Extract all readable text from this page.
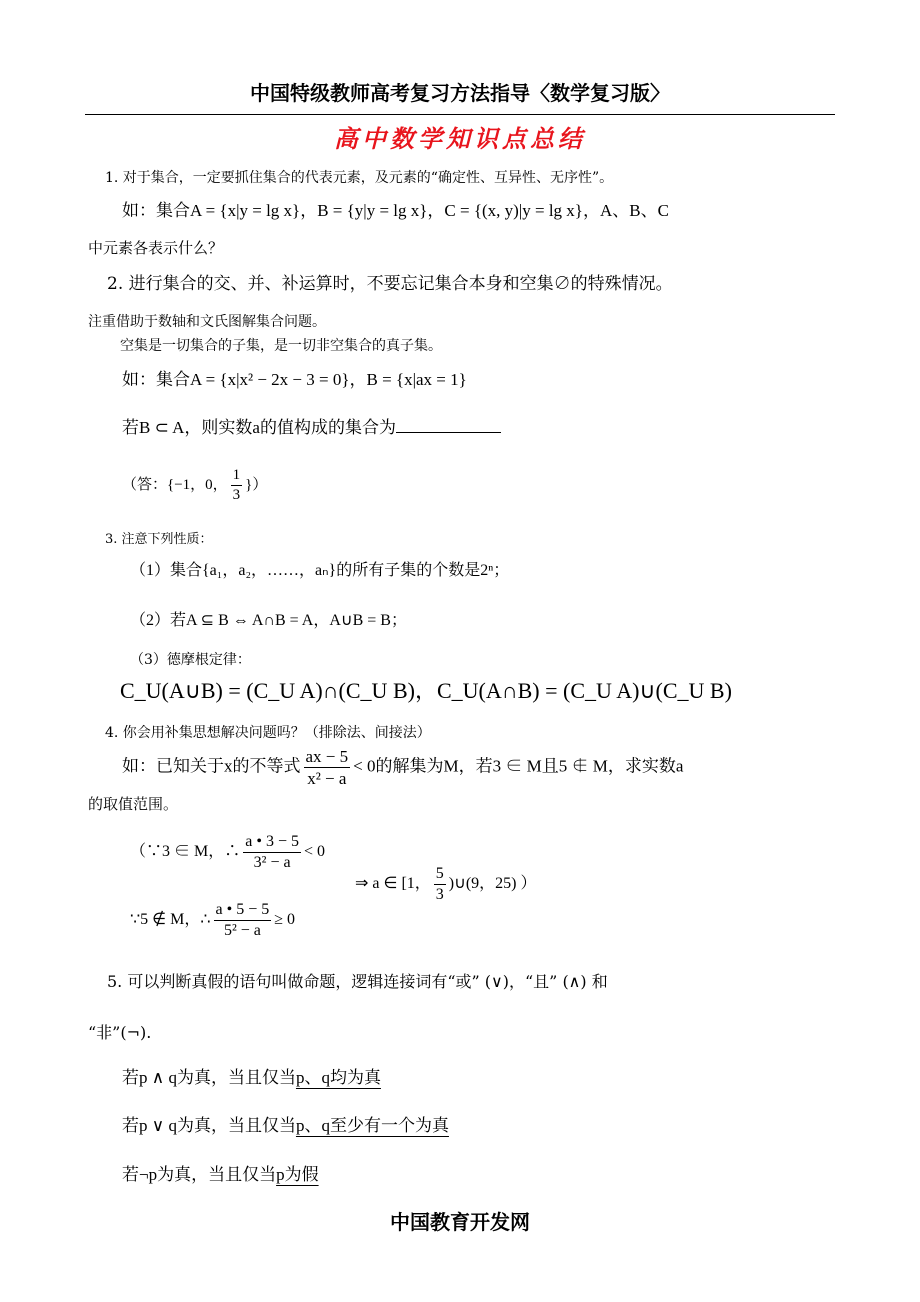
中国特级教师高考复习方法指导〈数学复习版〉
高中数学知识点总结
1. 对于集合，一定要抓住集合的代表元素，及元素的“确定性、互异性、无序性”。
如：集合A = {x|y = lg x}，B = {y|y = lg x}，C = {(x, y)|y = lg x}，A、B、C
中元素各表示什么？
2. 进行集合的交、并、补运算时，不要忘记集合本身和空集∅的特殊情况。
注重借助于数轴和文氏图解集合问题。
空集是一切集合的子集，是一切非空集合的真子集。
如：集合A = {x|x² − 2x − 3 = 0}，B = {x|ax = 1}
若B ⊂ A，则实数a的值构成的集合为
（答：{−1，0， $\frac{1}{3}$ }）
3. 注意下列性质：
（1）集合{a₁，a₂，……，aₙ}的所有子集的个数是2ⁿ；
（2）若A ⊆ B ⇔ A∩B = A，A∪B = B；
（3）德摩根定律：
C_U(A∪B) = (C_U A)∩(C_U B)，C_U(A∩B) = (C_U A)∪(C_U B)
4. 你会用补集思想解决问题吗？（排除法、间接法）
如：已知关于x的不等式 $\frac{ax - 5}{\text{x² − a}} < 0$的解集为M，若3 ∈ M且5 ∉ M，求实数a
的取值范围。
（∵3 ∈ M，∴ $\frac{a • 3 - 5}{\text{3² − a}} < 0$
⇒ a ∈ [1， $\frac{5}{3}$ )∪(9，25) ）
∵5 ∉ M，∴ $\frac{a • 5 - 5}{\text{5² − a}} \ge 0$
5. 可以判断真假的语句叫做命题，逻辑连接词有“或” (∨)，“且” (∧) 和
“非”(¬).
若p ∧ q为真，当且仅当p、q均为真
若p ∨ q为真，当且仅当p、q至少有一个为真
若¬p为真，当且仅当p为假
中国教育开发网
